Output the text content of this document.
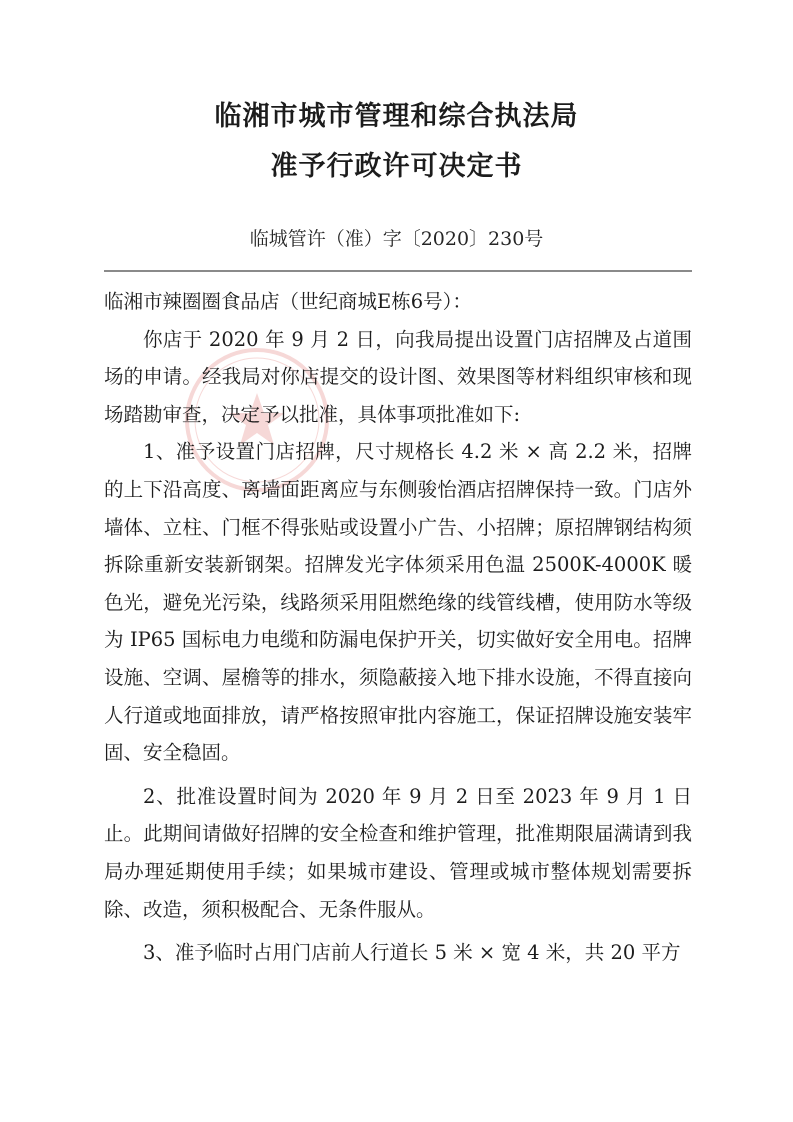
临湘市城市管理和综合执法局
准予行政许可决定书
临城管许（准）字〔2020〕230号

临湘市辣圈圈食品店（世纪商城E栋6号）：

你店于 2020 年 9 月 2 日，向我局提出设置门店招牌及占道围场的申请。经我局对你店提交的设计图、效果图等材料组织审核和现场踏勘审查，决定予以批准，具体事项批准如下:

1、准予设置门店招牌，尺寸规格长 4.2 米 × 高 2.2 米，招牌的上下沿高度、离墙面距离应与东侧骏怡酒店招牌保持一致。门店外墙体、立柱、门框不得张贴或设置小广告、小招牌；原招牌钢结构须拆除重新安装新钢架。招牌发光字体须采用色温 2500K-4000K 暖色光，避免光污染，线路须采用阻燃绝缘的线管线槽，使用防水等级为 IP65 国标电力电缆和防漏电保护开关，切实做好安全用电。招牌设施、空调、屋檐等的排水，须隐蔽接入地下排水设施，不得直接向人行道或地面排放，请严格按照审批内容施工，保证招牌设施安装牢固、安全稳固。

2、批准设置时间为 2020 年 9 月 2 日至 2023 年 9 月 1 日止。此期间请做好招牌的安全检查和维护管理，批准期限届满请到我局办理延期使用手续；如果城市建设、管理或城市整体规划需要拆除、改造，须积极配合、无条件服从。

3、准予临时占用门店前人行道长 5 米 × 宽 4 米，共 20 平方
